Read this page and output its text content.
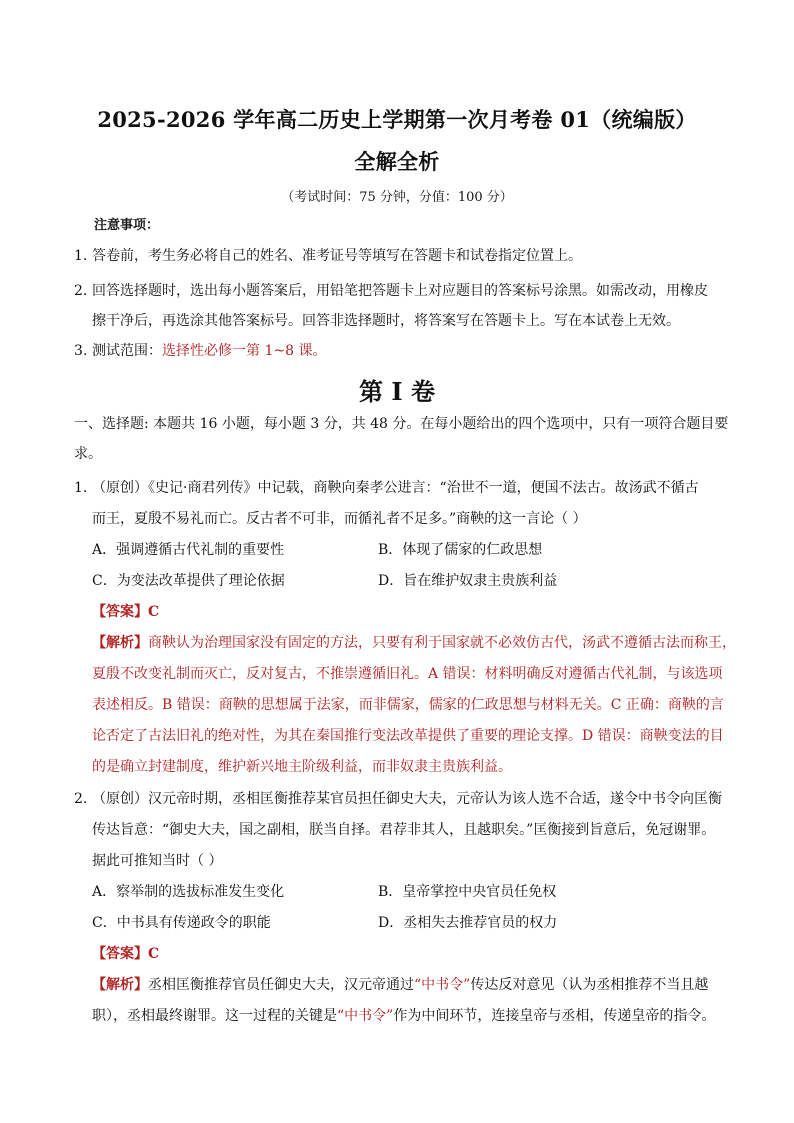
2025-2026 学年高二历史上学期第一次月考卷 01（统编版）
全解全析
（考试时间：75 分钟，分值：100 分）
注意事项：
1. 答卷前，考生务必将自己的姓名、准考证号等填写在答题卡和试卷指定位置上。
2. 回答选择题时，选出每小题答案后，用铅笔把答题卡上对应题目的答案标号涂黑。如需改动，用橡皮
擦干净后，再选涂其他答案标号。回答非选择题时，将答案写在答题卡上。写在本试卷上无效。
3. 测试范围：选择性必修一第 1~8 课。
第 I 卷
一、选择题: 本题共 16 小题，每小题 3 分，共 48 分。在每小题给出的四个选项中，只有一项符合题目要
求。
1. （原创）《史记·商君列传》中记载，商鞅向秦孝公进言：“治世不一道，便国不法古。故汤武不循古
而王，夏殷不易礼而亡。反古者不可非，而循礼者不足多。”商鞅的这一言论（ ）
A．强调遵循古代礼制的重要性	B．体现了儒家的仁政思想
C．为变法改革提供了理论依据	D．旨在维护奴隶主贵族利益
【答案】C
【解析】商鞅认为治理国家没有固定的方法，只要有利于国家就不必效仿古代，汤武不遵循古法而称王，
夏殷不改变礼制而灭亡，反对复古，不推崇遵循旧礼。A 错误：材料明确反对遵循古代礼制，与该选项
表述相反。B 错误：商鞅的思想属于法家，而非儒家，儒家的仁政思想与材料无关。C 正确：商鞅的言
论否定了古法旧礼的绝对性，为其在秦国推行变法改革提供了重要的理论支撑。D 错误：商鞅变法的目
的是确立封建制度，维护新兴地主阶级利益，而非奴隶主贵族利益。
2. （原创）汉元帝时期，丞相匡衡推荐某官员担任御史大夫，元帝认为该人选不合适，遂令中书令向匡衡
传达旨意：“御史大夫，国之副相，朕当自择。君荐非其人，且越职矣。”匡衡接到旨意后，免冠谢罪。
据此可推知当时（ ）
A．察举制的选拔标准发生变化	B．皇帝掌控中央官员任免权
C．中书具有传递政令的职能	D．丞相失去推荐官员的权力
【答案】C
【解析】丞相匡衡推荐官员任御史大夫，汉元帝通过“中书令”传达反对意见（认为丞相推荐不当且越
职），丞相最终谢罪。这一过程的关键是“中书令”作为中间环节，连接皇帝与丞相，传递皇帝的指令。
